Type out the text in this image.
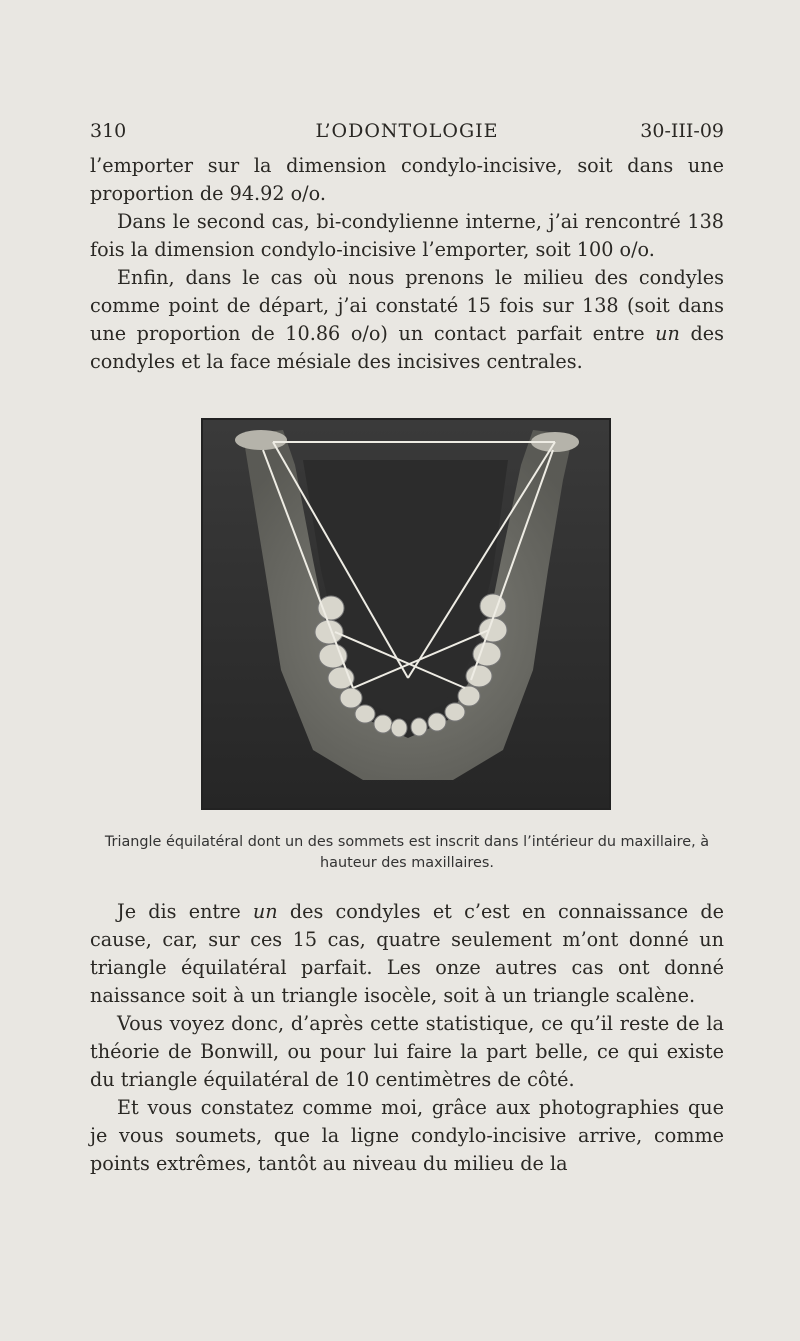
310	L’ODONTOLOGIE	30-III-09

l’emporter sur la dimension condylo-incisive, soit dans une proportion de 94.92 o/o.

Dans le second cas, bi-condylienne interne, j’ai rencontré 138 fois la dimension condylo-incisive l’emporter, soit 100 o/o.

Enfin, dans le cas où nous prenons le milieu des condyles comme point de départ, j’ai constaté 15 fois sur 138 (soit dans une proportion de 10.86 o/o) un contact parfait entre un des condyles et la face mésiale des incisives centrales.

Triangle équilatéral dont un des sommets est inscrit dans l’intérieur du maxillaire, à hauteur des maxillaires.

Je dis entre un des condyles et c’est en connaissance de cause, car, sur ces 15 cas, quatre seulement m’ont donné un triangle équilatéral parfait. Les onze autres cas ont donné naissance soit à un triangle isocèle, soit à un triangle scalène.

Vous voyez donc, d’après cette statistique, ce qu’il reste de la théorie de Bonwill, ou pour lui faire la part belle, ce qui existe du triangle équilatéral de 10 centimètres de côté.

Et vous constatez comme moi, grâce aux photographies que je vous soumets, que la ligne condylo-incisive arrive, comme points extrêmes, tantôt au niveau du milieu de la
